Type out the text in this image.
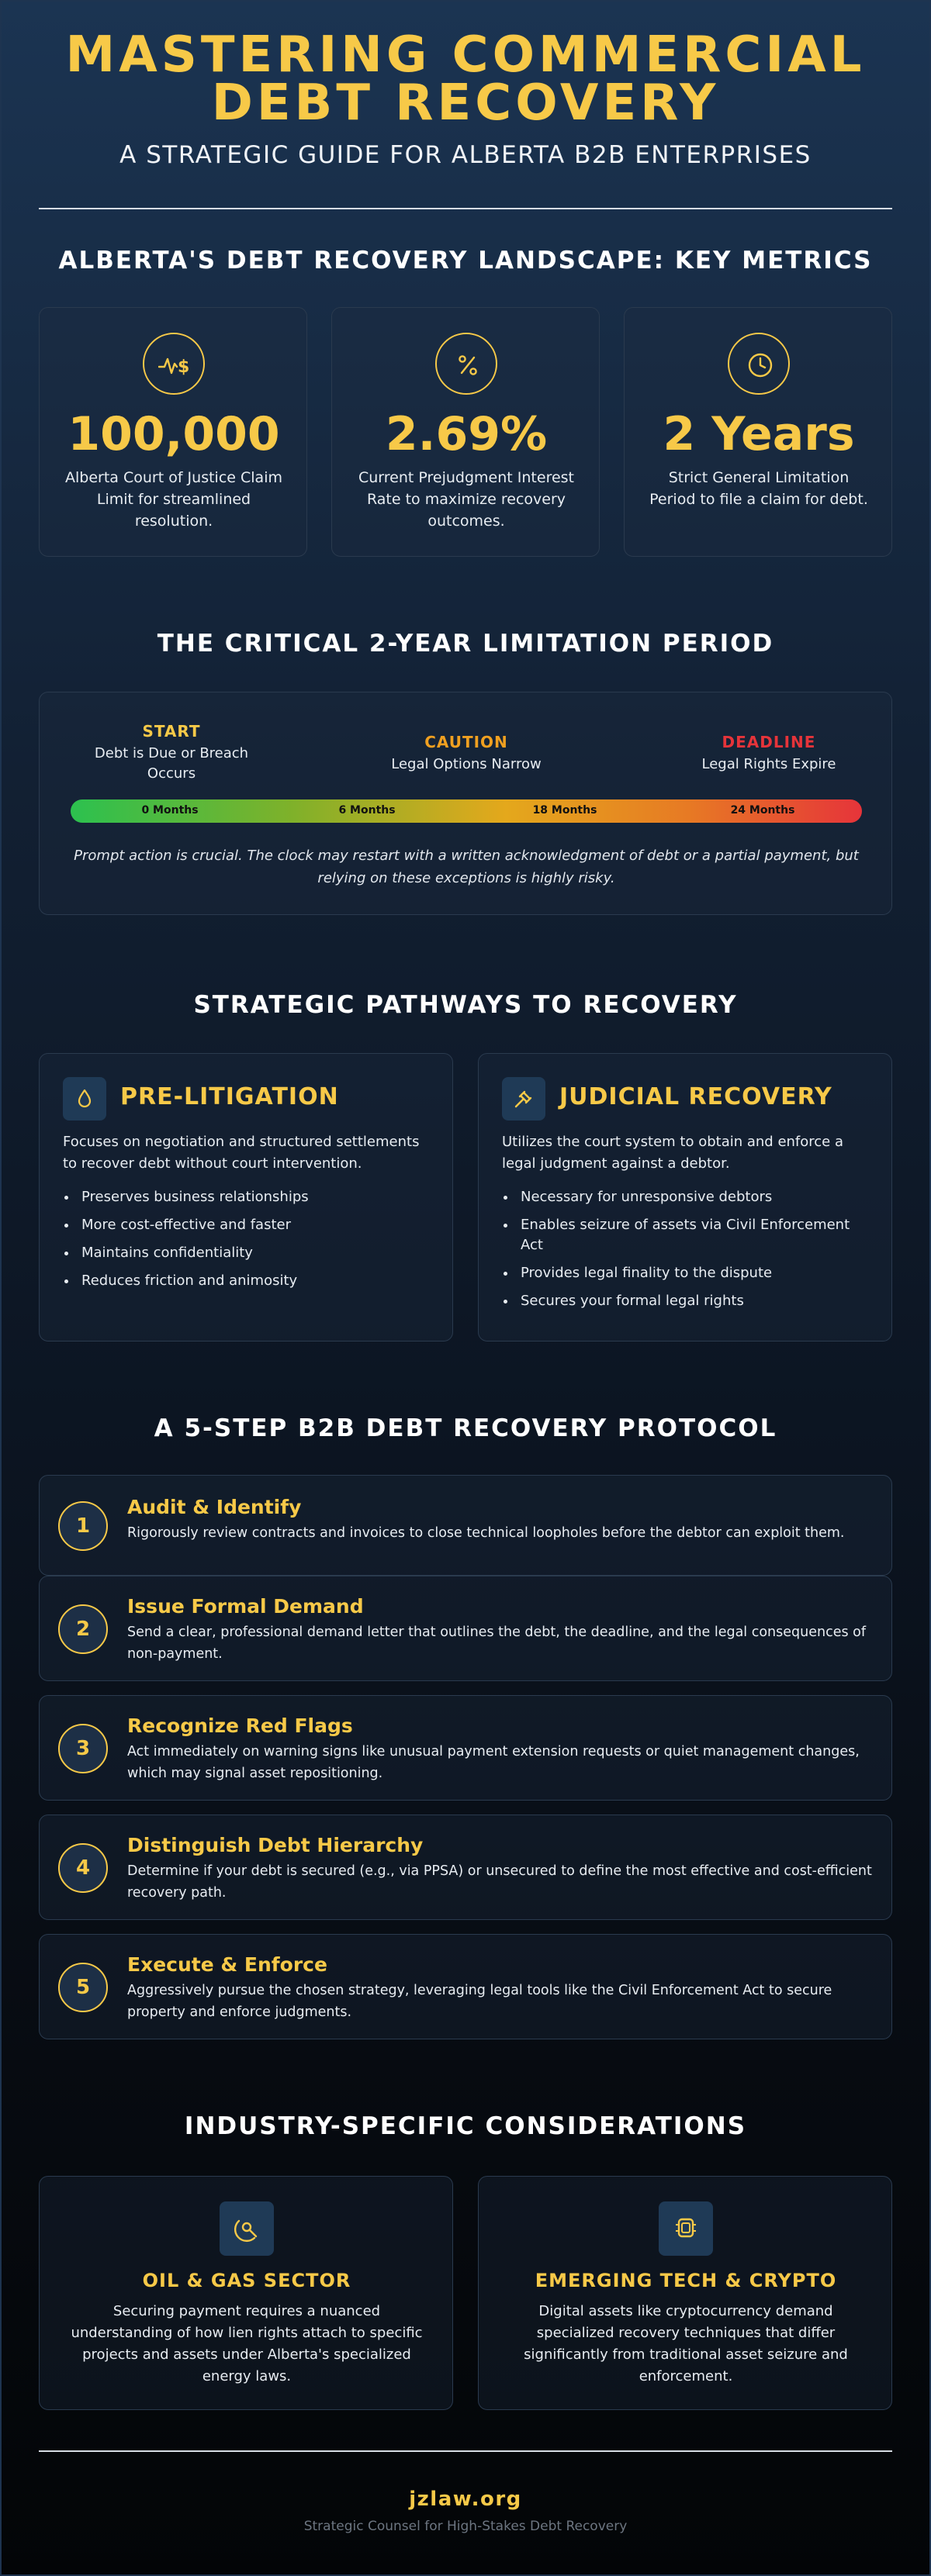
MASTERING COMMERCIAL
DEBT RECOVERY
A STRATEGIC GUIDE FOR ALBERTA B2B ENTERPRISES
ALBERTA'S DEBT RECOVERY LANDSCAPE: KEY METRICS
$
100,000
Alberta Court of Justice Claim Limit for streamlined resolution.
2.69%
Current Prejudgment Interest Rate to maximize recovery outcomes.
2 Years
Strict General Limitation Period to file a claim for debt.
THE CRITICAL 2-YEAR LIMITATION PERIOD
START
Debt is Due or Breach Occurs
CAUTION
Legal Options Narrow
DEADLINE
Legal Rights Expire
0 Months	6 Months	18 Months	24 Months
Prompt action is crucial. The clock may restart with a written acknowledgment of debt or a partial payment, but relying on these exceptions is highly risky.
STRATEGIC PATHWAYS TO RECOVERY
PRE-LITIGATION
Focuses on negotiation and structured settlements to recover debt without court intervention.
Preserves business relationships
More cost-effective and faster
Maintains confidentiality
Reduces friction and animosity
JUDICIAL RECOVERY
Utilizes the court system to obtain and enforce a legal judgment against a debtor.
Necessary for unresponsive debtors
Enables seizure of assets via Civil Enforcement Act
Provides legal finality to the dispute
Secures your formal legal rights
A 5-STEP B2B DEBT RECOVERY PROTOCOL
1
Audit & Identify
Rigorously review contracts and invoices to close technical loopholes before the debtor can exploit them.
2
Issue Formal Demand
Send a clear, professional demand letter that outlines the debt, the deadline, and the legal consequences of non-payment.
3
Recognize Red Flags
Act immediately on warning signs like unusual payment extension requests or quiet management changes, which may signal asset repositioning.
4
Distinguish Debt Hierarchy
Determine if your debt is secured (e.g., via PPSA) or unsecured to define the most effective and cost-efficient recovery path.
5
Execute & Enforce
Aggressively pursue the chosen strategy, leveraging legal tools like the Civil Enforcement Act to secure property and enforce judgments.
INDUSTRY-SPECIFIC CONSIDERATIONS
OIL & GAS SECTOR
Securing payment requires a nuanced understanding of how lien rights attach to specific projects and assets under Alberta's specialized energy laws.
EMERGING TECH & CRYPTO
Digital assets like cryptocurrency demand specialized recovery techniques that differ significantly from traditional asset seizure and enforcement.
jzlaw.org
Strategic Counsel for High-Stakes Debt Recovery
